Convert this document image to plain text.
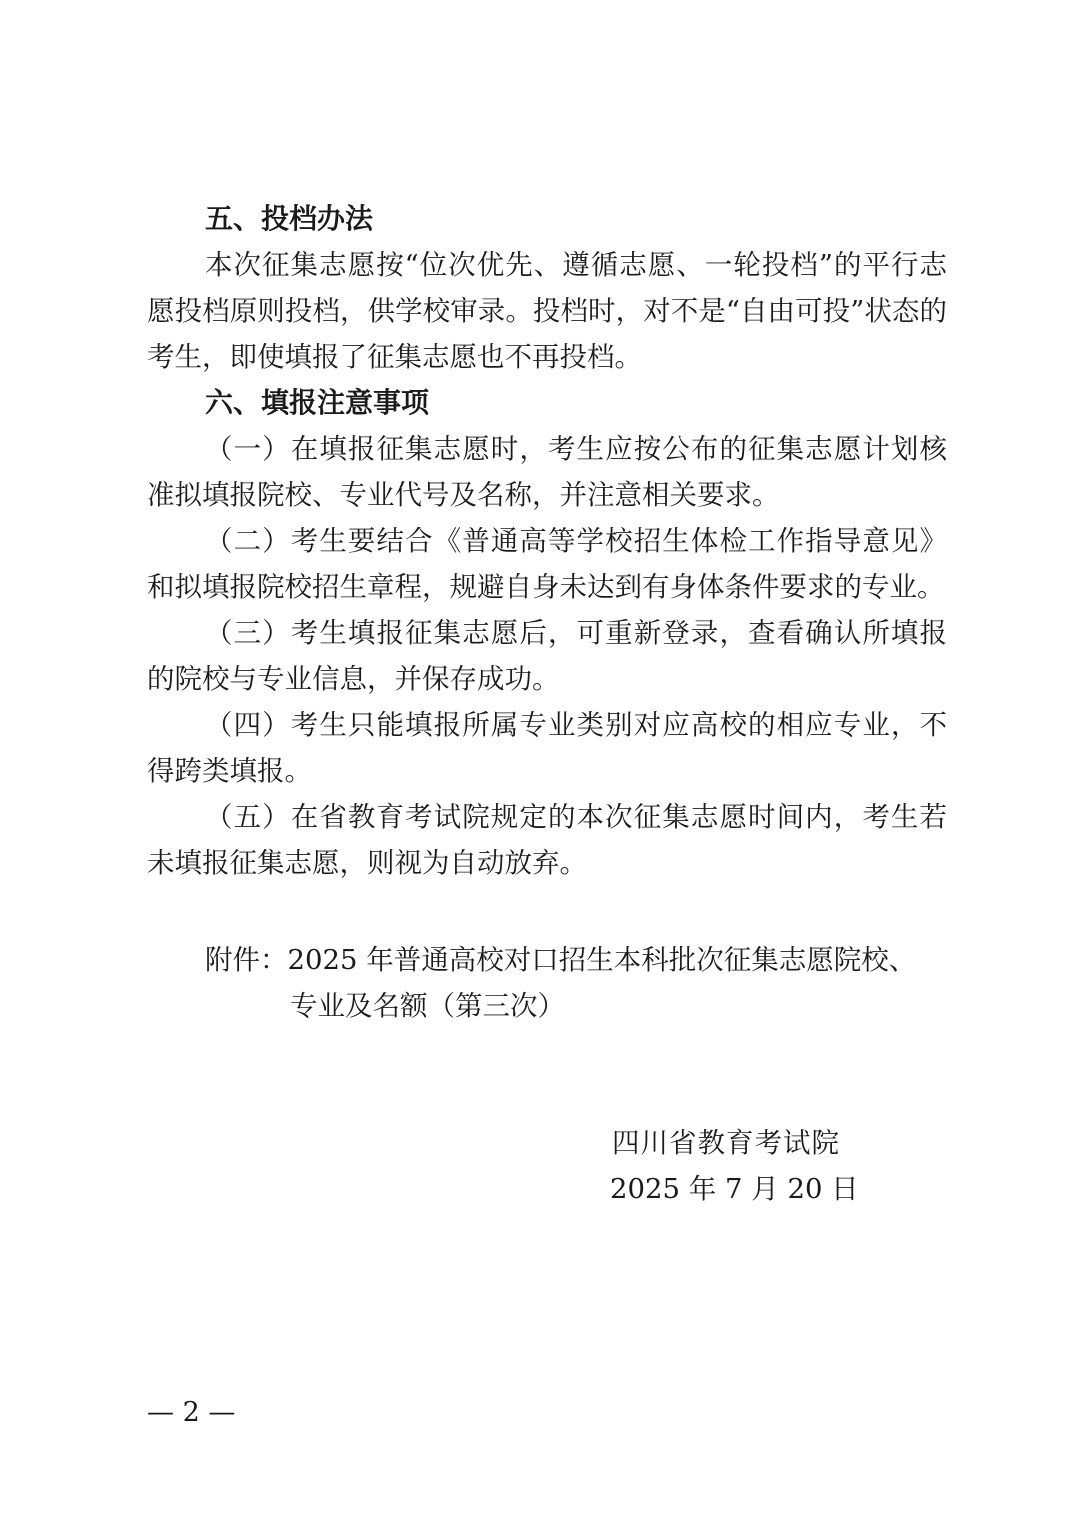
五、投档办法

本次征集志愿按“位次优先、遵循志愿、一轮投档”的平行志愿投档原则投档，供学校审录。投档时，对不是“自由可投”状态的考生，即使填报了征集志愿也不再投档。

六、填报注意事项

（一）在填报征集志愿时，考生应按公布的征集志愿计划核准拟填报院校、专业代号及名称，并注意相关要求。

（二）考生要结合《普通高等学校招生体检工作指导意见》和拟填报院校招生章程，规避自身未达到有身体条件要求的专业。

（三）考生填报征集志愿后，可重新登录，查看确认所填报的院校与专业信息，并保存成功。

（四）考生只能填报所属专业类别对应高校的相应专业，不得跨类填报。

（五）在省教育考试院规定的本次征集志愿时间内，考生若未填报征集志愿，则视为自动放弃。

附件：2025 年普通高校对口招生本科批次征集志愿院校、
专业及名额（第三次）
四川省教育考试院
2025 年 7 月 20 日
— 2 —
